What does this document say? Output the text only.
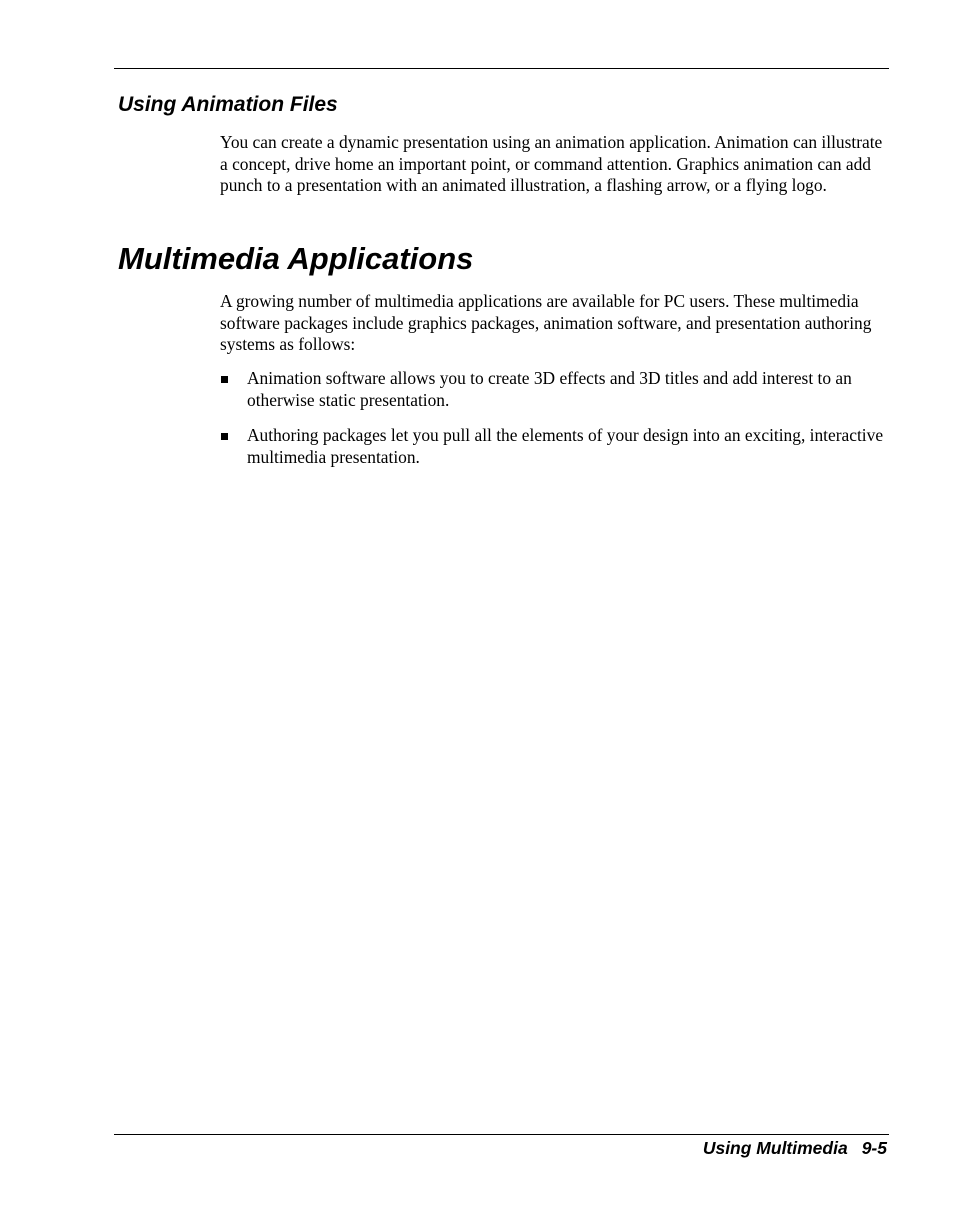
Using Animation Files

You can create a dynamic presentation using an animation application. Animation can illustrate a concept, drive home an important point, or command attention. Graphics animation can add punch to a presentation with an animated illustration, a flashing arrow, or a flying logo.

Multimedia Applications

A growing number of multimedia applications are available for PC users. These multimedia software packages include graphics packages, animation software, and presentation authoring systems as follows:

Animation software allows you to create 3D effects and 3D titles and add interest to an otherwise static presentation.
Authoring packages let you pull all the elements of your design into an exciting, interactive multimedia presentation.
Using Multimedia 9-5
